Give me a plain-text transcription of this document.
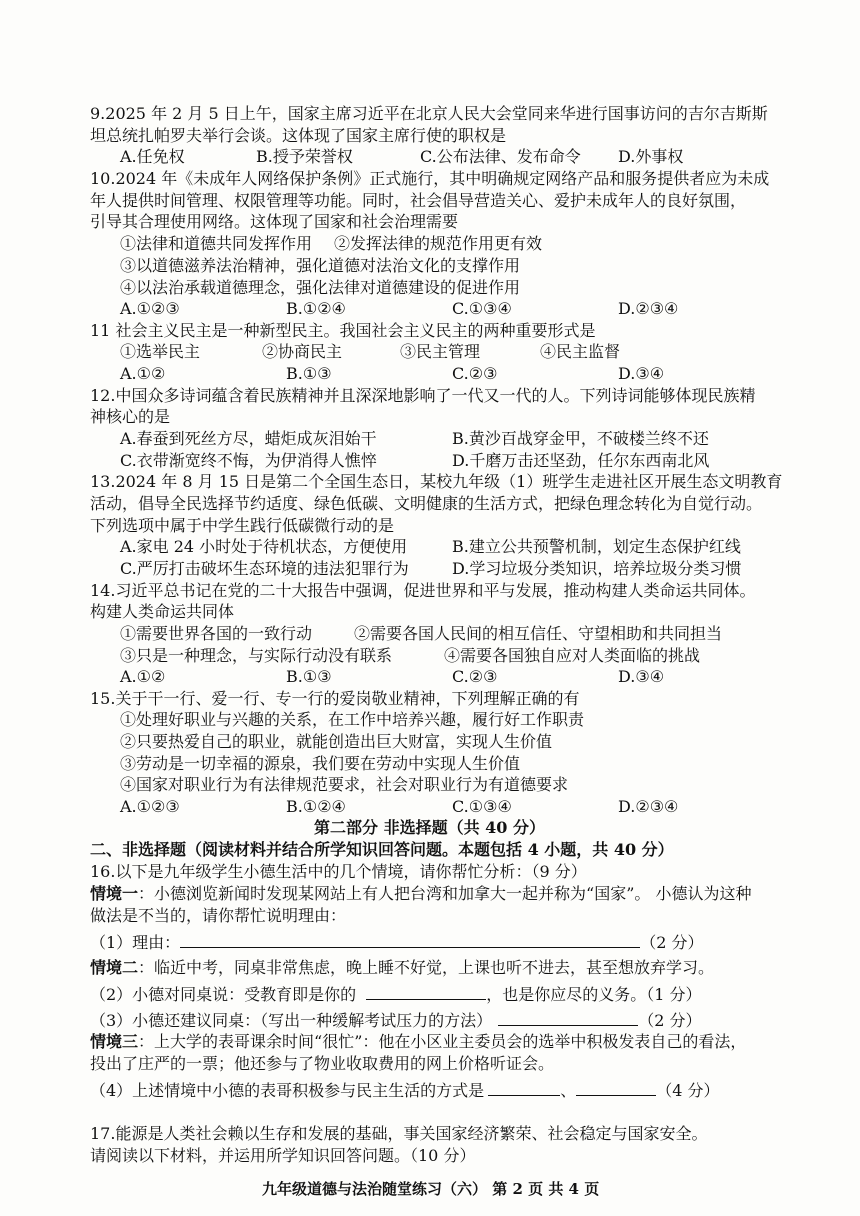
9.2025 年 2 月 5 日上午，国家主席习近平在北京人民大会堂同来华进行国事访问的吉尔吉斯斯
坦总统扎帕罗夫举行会谈。这体现了国家主席行使的职权是
A.任免权	B.授予荣誉权	C.公布法律、发布命令 D.外事权
10.2024 年《未成年人网络保护条例》正式施行，其中明确规定网络产品和服务提供者应为未成
年人提供时间管理、权限管理等功能。同时，社会倡导营造关心、爱护未成年人的良好氛围，
引导其合理使用网络。这体现了国家和社会治理需要
①法律和道德共同发挥作用 ②发挥法律的规范作用更有效
③以道德滋养法治精神，强化道德对法治文化的支撑作用
④以法治承载道德理念，强化法律对道德建设的促进作用
A.①②③	B.①②④	C.①③④	D.②③④
11 社会主义民主是一种新型民主。我国社会主义民主的两种重要形式是
①选举民主	②协商民主	③民主管理	④民主监督
A.①②	B.①③	C.②③	D.③④
12.中国众多诗词蕴含着民族精神并且深深地影响了一代又一代的人。下列诗词能够体现民族精
神核心的是
A.春蚕到死丝方尽，蜡炬成灰泪始干	B.黄沙百战穿金甲，不破楼兰终不还
C.衣带渐宽终不悔，为伊消得人憔悴	D.千磨万击还坚劲，任尔东西南北风
13.2024 年 8 月 15 日是第二个全国生态日，某校九年级（1）班学生走进社区开展生态文明教育
活动，倡导全民选择节约适度、绿色低碳、文明健康的生活方式，把绿色理念转化为自觉行动。
下列选项中属于中学生践行低碳微行动的是
A.家电 24 小时处于待机状态，方便使用	B.建立公共预警机制，划定生态保护红线
C.严厉打击破坏生态环境的违法犯罪行为	D.学习垃圾分类知识，培养垃圾分类习惯
14.习近平总书记在党的二十大报告中强调，促进世界和平与发展，推动构建人类命运共同体。
构建人类命运共同体
①需要世界各国的一致行动	②需要各国人民间的相互信任、守望相助和共同担当
③只是一种理念，与实际行动没有联系	④需要各国独自应对人类面临的挑战
A.①②	B.①③	C.②③	D.③④
15.关于干一行、爱一行、专一行的爱岗敬业精神，下列理解正确的有
①处理好职业与兴趣的关系，在工作中培养兴趣，履行好工作职责
②只要热爱自己的职业，就能创造出巨大财富，实现人生价值
③劳动是一切幸福的源泉，我们要在劳动中实现人生价值
④国家对职业行为有法律规范要求，社会对职业行为有道德要求
A.①②③	B.①②④	C.①③④	D.②③④
第二部分 非选择题（共 40 分）
二、非选择题（阅读材料并结合所学知识回答问题。本题包括 4 小题，共 40 分）
16.以下是九年级学生小德生活中的几个情境，请你帮忙分析：（9 分）
情境一：小德浏览新闻时发现某网站上有人把台湾和加拿大一起并称为“国家”。 小德认为这种
做法是不当的，请你帮忙说明理由：
（1）理由：	（2 分）
情境二：临近中考，同桌非常焦虑，晚上睡不好觉，上课也听不进去，甚至想放弃学习。
（2）小德对同桌说：受教育即是你的	，也是你应尽的义务。（1 分）
（3）小德还建议同桌：（写出一种缓解考试压力的方法）	（2 分）
情境三：上大学的表哥课余时间“很忙”：他在小区业主委员会的选举中积极发表自己的看法，
投出了庄严的一票；他还参与了物业收取费用的网上价格听证会。
（4）上述情境中小德的表哥积极参与民主生活的方式是	、	（4 分）
17.能源是人类社会赖以生存和发展的基础，事关国家经济繁荣、社会稳定与国家安全。
请阅读以下材料，并运用所学知识回答问题。（10 分）
九年级道德与法治随堂练习（六） 第 2 页 共 4 页
